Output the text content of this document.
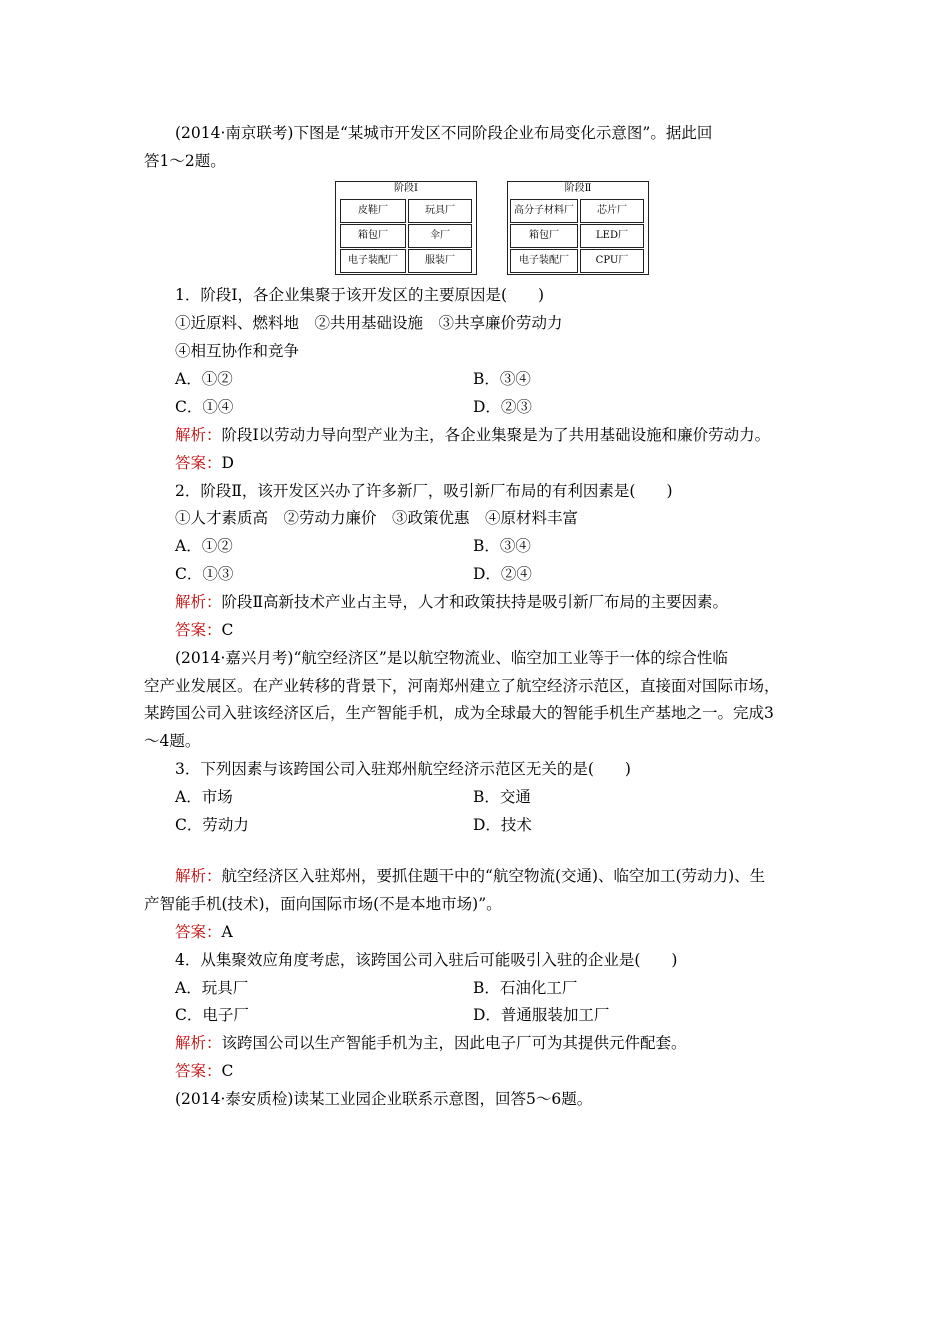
(2014·南京联考)下图是“某城市开发区不同阶段企业布局变化示意图”。据此回
答1～2题。
阶段Ⅰ
皮鞋厂	玩具厂
箱包厂	伞厂
电子装配厂	服装厂
阶段Ⅱ
高分子材料厂	芯片厂
箱包厂	LED厂
电子装配厂	CPU厂
1．阶段Ⅰ，各企业集聚于该开发区的主要原因是(　　)
①近原料、燃料地　②共用基础设施　③共享廉价劳动力
④相互协作和竞争
A．①②	B．③④
C．①④	D．②③
解析：阶段Ⅰ以劳动力导向型产业为主，各企业集聚是为了共用基础设施和廉价劳动力。
答案：D
2．阶段Ⅱ，该开发区兴办了许多新厂，吸引新厂布局的有利因素是(　　)
①人才素质高　②劳动力廉价　③政策优惠　④原材料丰富
A．①②	B．③④
C．①③	D．②④
解析：阶段Ⅱ高新技术产业占主导，人才和政策扶持是吸引新厂布局的主要因素。
答案：C
(2014·嘉兴月考)“航空经济区”是以航空物流业、临空加工业等于一体的综合性临
空产业发展区。在产业转移的背景下，河南郑州建立了航空经济示范区，直接面对国际市场，
某跨国公司入驻该经济区后，生产智能手机，成为全球最大的智能手机生产基地之一。完成3
～4题。
3．下列因素与该跨国公司入驻郑州航空经济示范区无关的是(　　)
A．市场	B．交通
C．劳动力	D．技术
解析：航空经济区入驻郑州，要抓住题干中的“航空物流(交通)、临空加工(劳动力)、生
产智能手机(技术)，面向国际市场(不是本地市场)”。
答案：A
4．从集聚效应角度考虑，该跨国公司入驻后可能吸引入驻的企业是(　　)
A．玩具厂	B．石油化工厂
C．电子厂	D．普通服装加工厂
解析：该跨国公司以生产智能手机为主，因此电子厂可为其提供元件配套。
答案：C
(2014·泰安质检)读某工业园企业联系示意图，回答5～6题。
